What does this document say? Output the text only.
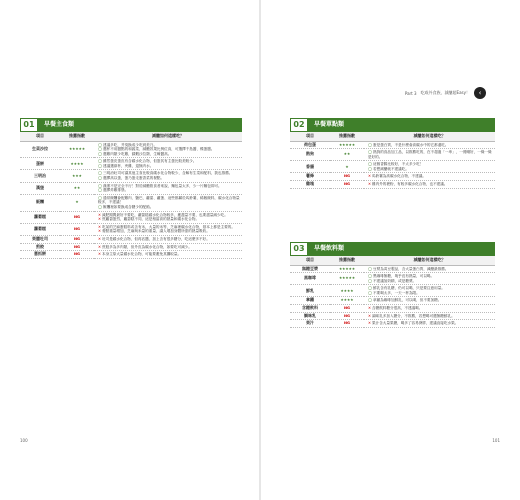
Part 3 吃咸外食族，減醣超Easy！	‹
01	早餐主食類
項目	推薦指數	減醣如何這樣吃？
生菜沙拉	★★★★★	◯建議多吃，并臭換成少吃到美乃。
◯選杯不用醬點的和蔬菜，減醣效果比例位高，可選擇千島醬、蝶蛋醬。
◯選雞肉類少吃雞，蘇蝦沙拉類，生蠔醬高。

蛋餅	★★★★	◯雖然蛋皮蛋皮有含碳水化合物，但蛋其有主蛋比較美較少。
◯建議選兩杯，夾雞，退無肉水。

三明治	★★★	◯三明治吐司可讓其他主食比較高碳水化合物較少，含解有生菜和配料，我也推薦。
◯選擇高以蛋，蛋乃蛋走蛋香菜的餐點。

漢堡	★★	◯漢堡不是完全不行！對於減醣飲食者來說，麵包量太多，少一片麵包即可。
◯選擇炸雞排堡。

飯糰	★	◯通常飯糰會配雞肉、鹽巴、蘿蔔、蘿蛋、這些都屬於馬鈴薯，稀飯飯料，碳水化合物量較多，不建議！
◯飯糰裡如要換成含糖少的配餡。

蘿蔔糕	NG	✕減肥期間最好不要吃，蘿蔔糕碳水化合物較多，應盡量不要，也要盡量減少吃。
✕煎蘿蔔蛋烈，蘿蔔糕不同，這是相當高的熱量和碳水化合物。

蘿蔔糕	NG	✕吃某的芝麻蛋糕料或含有米，大量的米等，芝麻裡碳水化合物，基本上都是主要的。
✕餐點重量增加，芝麻與米量的重量，讓人增加身體所需的熱量吸收。

果醬吐司	NG	✕吐司是碳水化合物，但再沾醬，加上含有很多糖分，吃這麼多不好。

煎餃	NG	✕煎餃多為多肉類，但外皮為碳水化合物，如要吃可減少。

蔥抓餅	NG	✕本身主原大量碳水化合物，可能要避免其攝取量。
02	早餐單點類
項目	推薦指數	減醣如何這樣吃？
荷包蛋	★★★★★	◯蛋是蛋白質，不是什麼會高碳水中的它都還吃。

熱狗	★★	◯熱狗的食品加工品，以推薦吃的，在不超過「一串」，一餐剛好，一條一條是好的。

香腸	★	◯這個香腸比較好，不太多少吃！
◯若想減醣就不建議吃。

薯條	NG	✕馬鈴薯為高碳水化合物，不建議。

雞塊	NG	✕雞肉外的裹粉，有較多碳水化合物，也不建議。
03	早餐飲料類
項目	推薦指數	減醣如何這樣吃？
無糖豆漿	★★★★★	◯豆漿為黃豆製品，含大量蛋白質，減醣最推薦。

黑咖啡	★★★★★	◯黑咖啡無糖，幾乎沒有熱量，可以喝。
◯不建議加奶精，或是糖漿。

鮮乳	★★★★	◯鮮乳含有乳糖，仍可以喝，只是要注意用量。
◯不要喝太多，一天一杯為限。

拿鐵	★★★★	◯拿鐵為咖啡加鮮乳，可以喝，但不要加糖。

含糖飲料	NG	✕含糖飲料糖分很高，不建議喝。

調味乳	NG	✕調味乳多加入糖分，不推薦，若想喝可選無糖鮮乳。

果汁	NG	✕果汁含大量果糖，喝多了容易發胖，建議直接吃水果。
100	101
